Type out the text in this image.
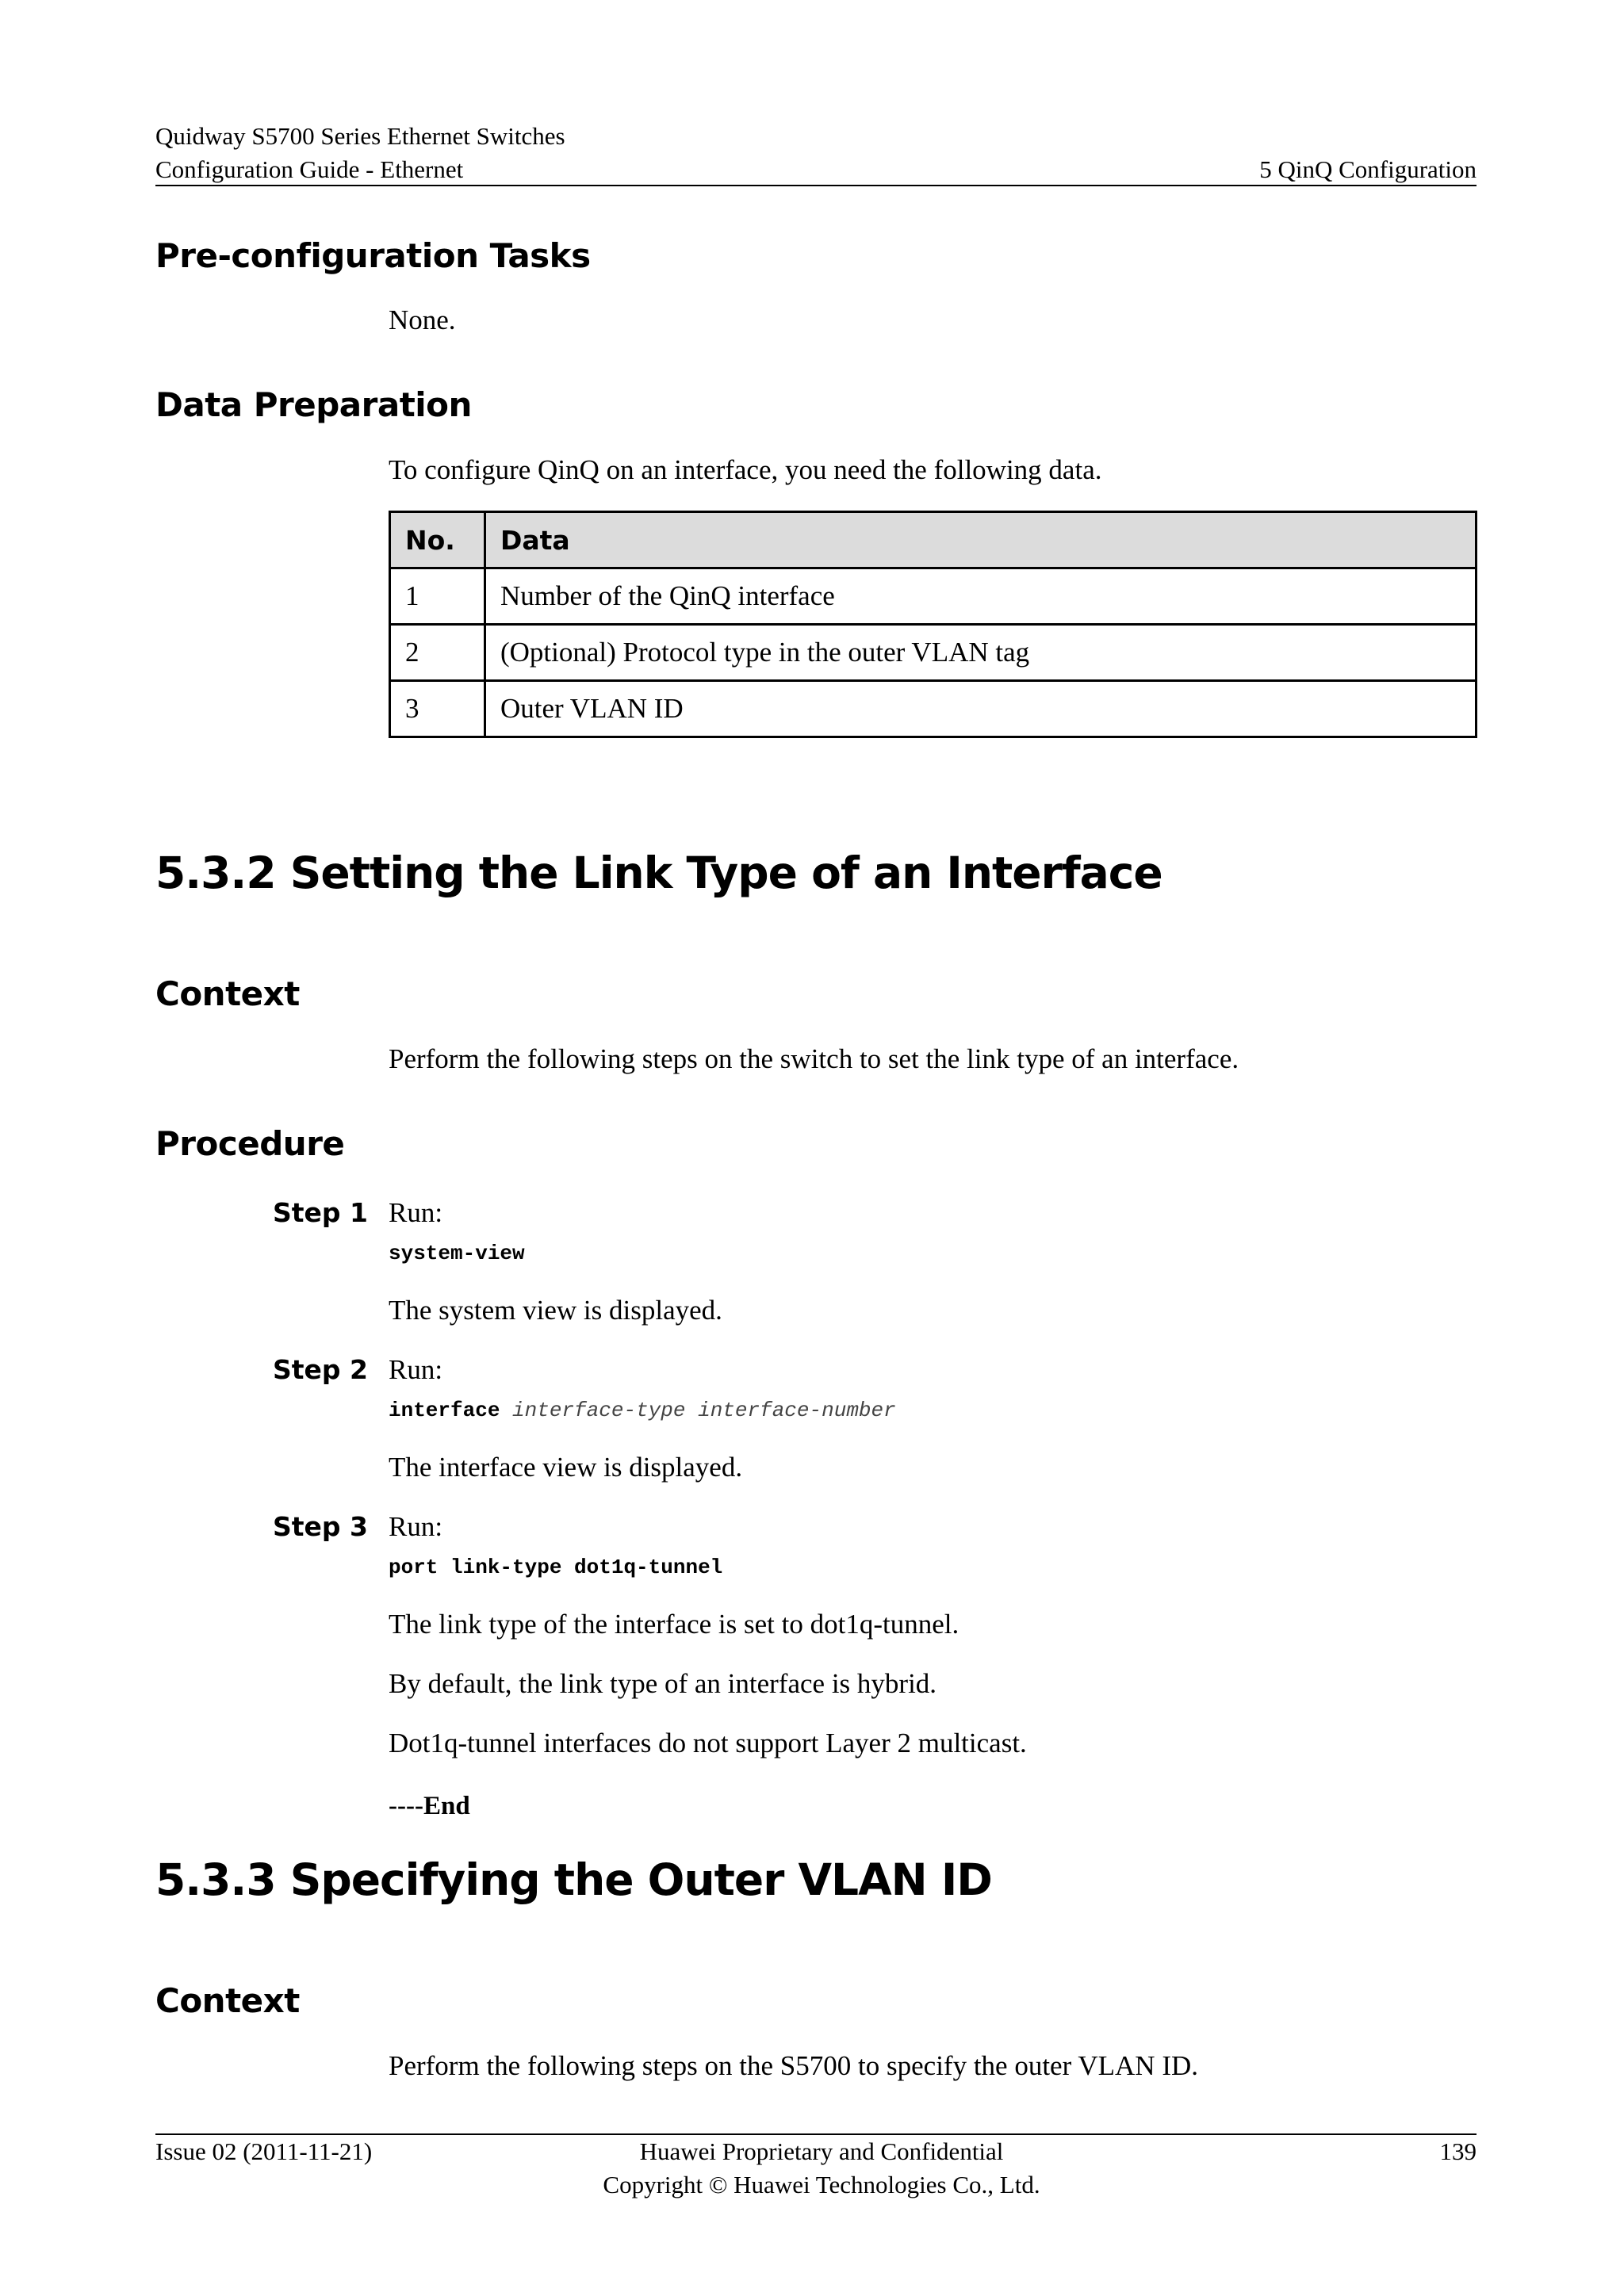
Quidway S5700 Series Ethernet Switches
Configuration Guide - Ethernet	5 QinQ Configuration
Pre-configuration Tasks
None.
Data Preparation
To configure QinQ on an interface, you need the following data.
No.	Data
1	Number of the QinQ interface
2	(Optional) Protocol type in the outer VLAN tag
3	Outer VLAN ID
5.3.2 Setting the Link Type of an Interface
Context
Perform the following steps on the switch to set the link type of an interface.
Procedure
Step 1 Run:
system-view
The system view is displayed.
Step 2 Run:
interface interface-type interface-number
The interface view is displayed.
Step 3 Run:
port link-type dot1q-tunnel
The link type of the interface is set to dot1q-tunnel.
By default, the link type of an interface is hybrid.
Dot1q-tunnel interfaces do not support Layer 2 multicast.
----End
5.3.3 Specifying the Outer VLAN ID
Context
Perform the following steps on the S5700 to specify the outer VLAN ID.
Issue 02 (2011-11-21)	Huawei Proprietary and Confidential
Copyright © Huawei Technologies Co., Ltd.
139
